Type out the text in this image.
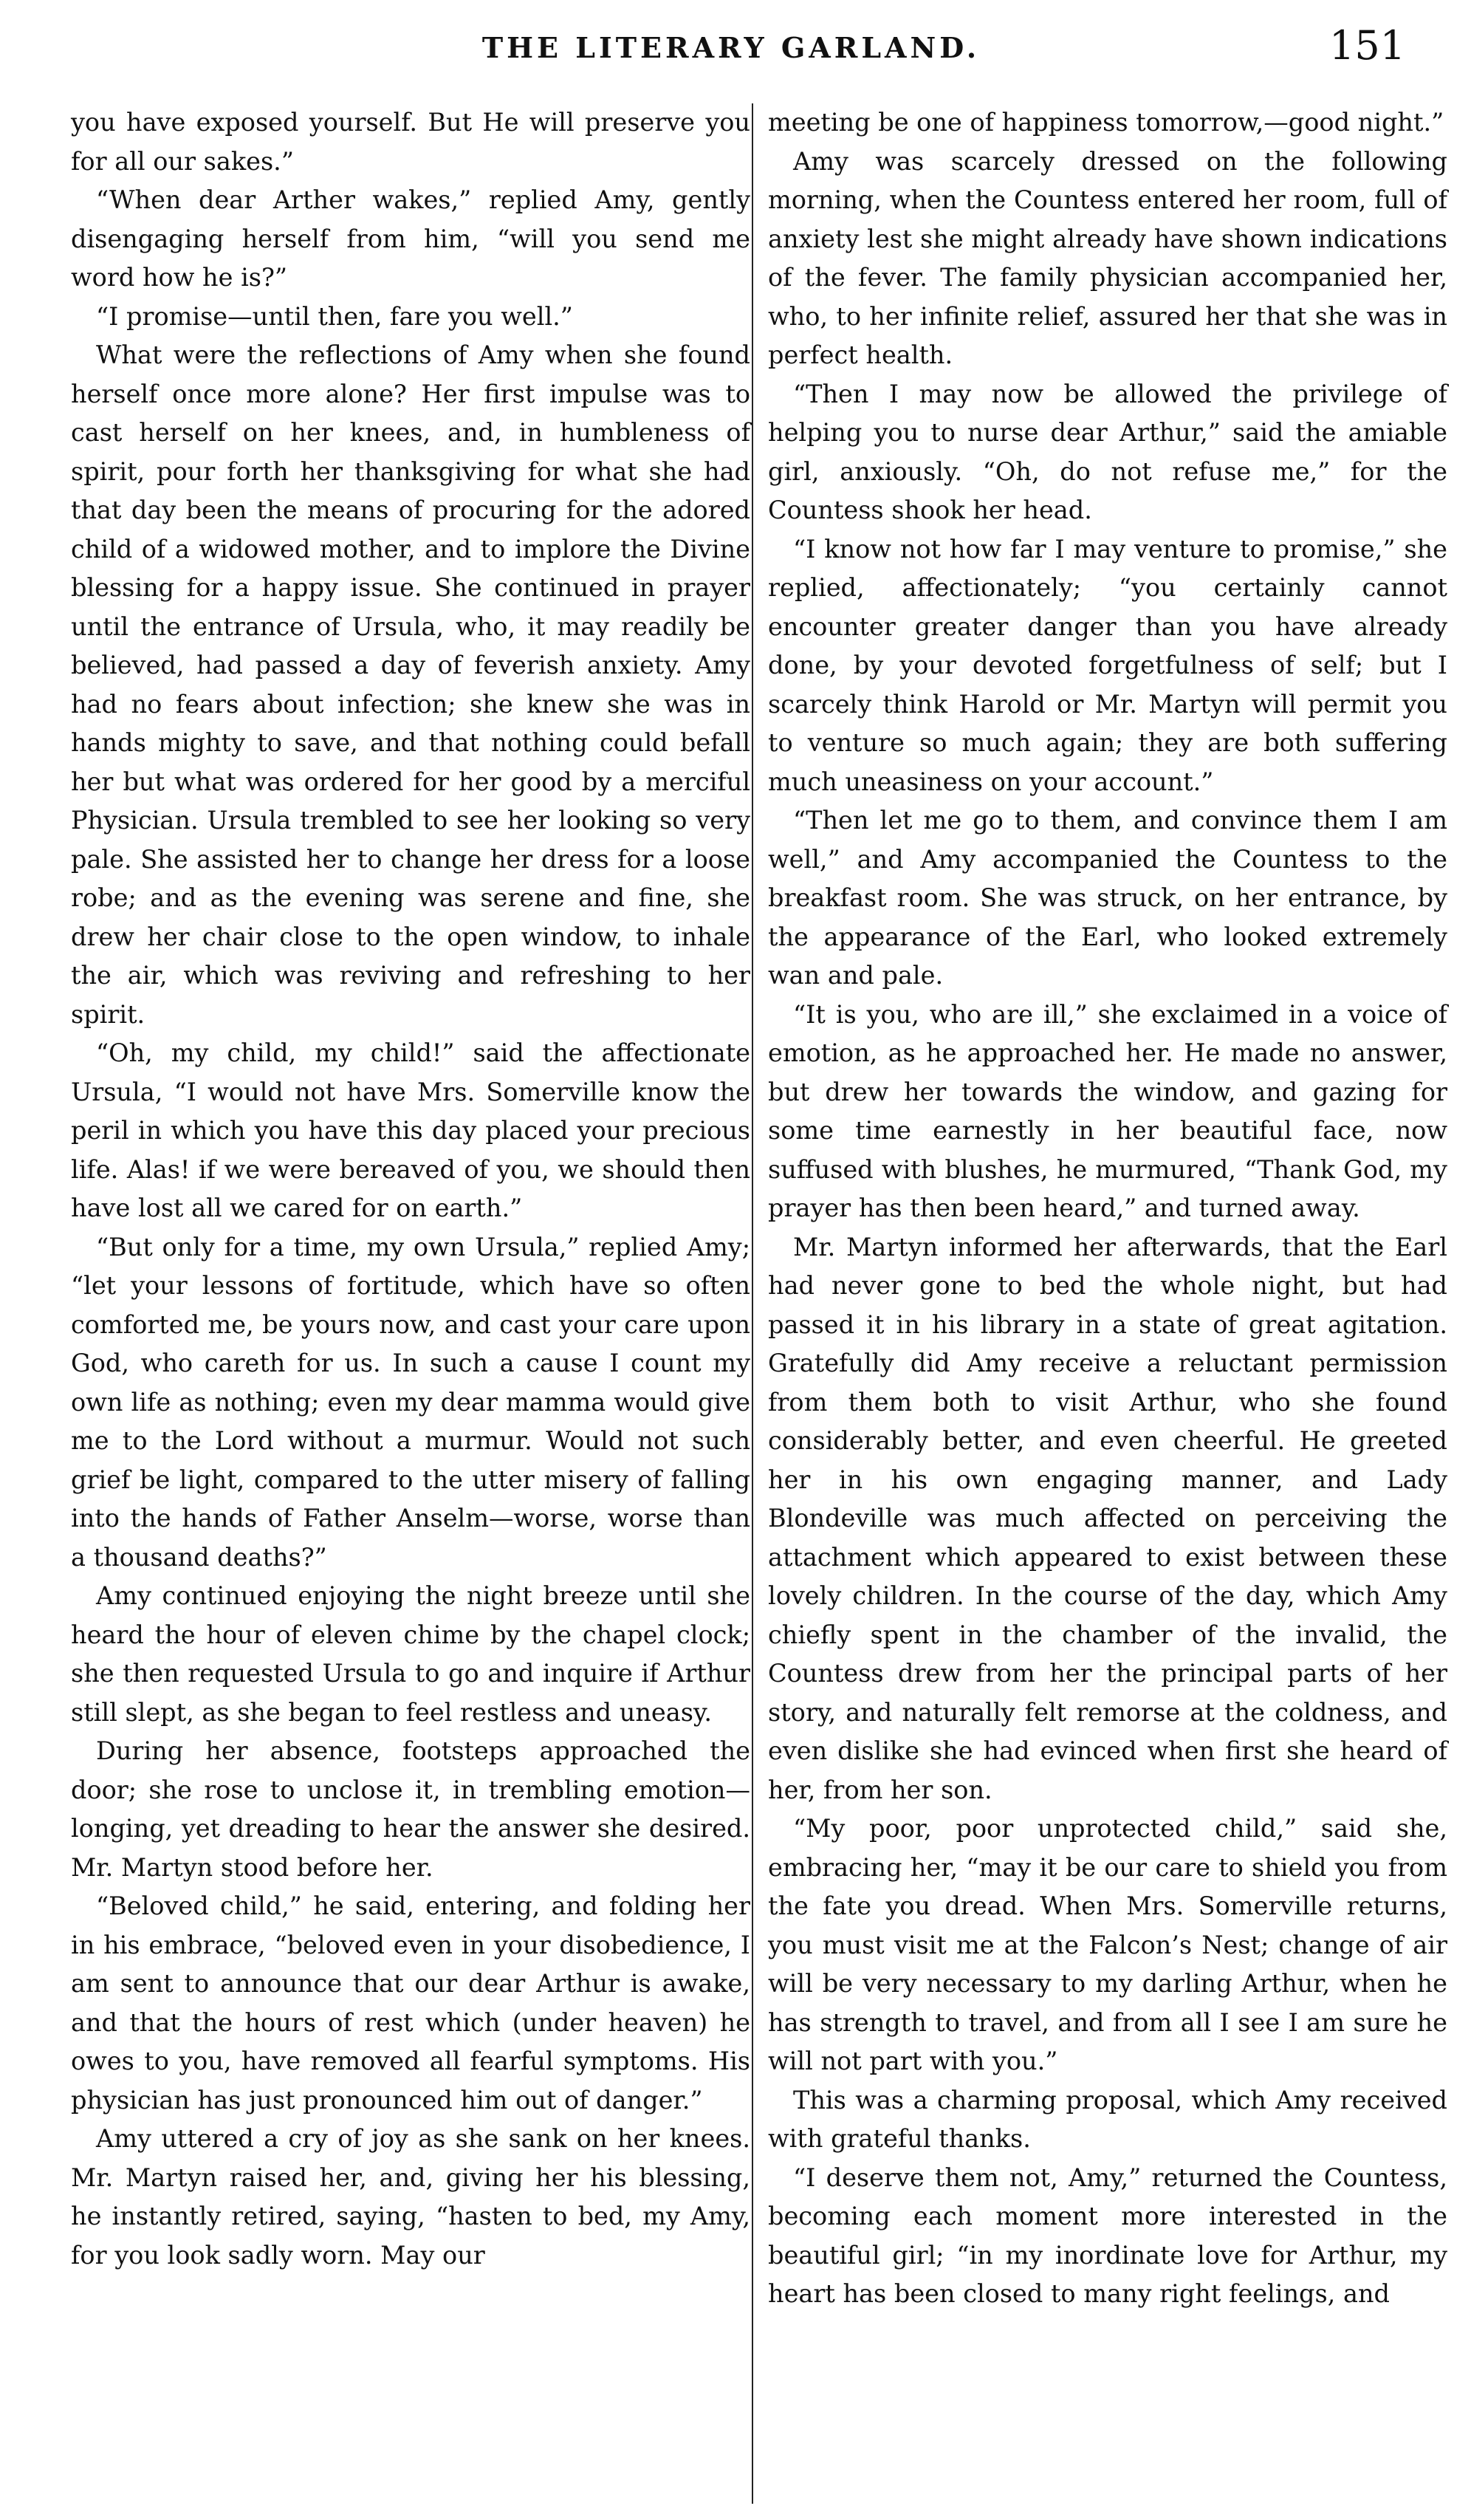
THE LITERARY GARLAND.	151

you have exposed yourself. But He will preserve you for all our sakes.”

“When dear Arther wakes,” replied Amy, gently disengaging herself from him, “will you send me word how he is?”

“I promise—until then, fare you well.”

What were the reflections of Amy when she found herself once more alone? Her first impulse was to cast herself on her knees, and, in humbleness of spirit, pour forth her thanksgiving for what she had that day been the means of procuring for the adored child of a widowed mother, and to implore the Divine blessing for a happy issue. She continued in prayer until the entrance of Ursula, who, it may readily be believed, had passed a day of feverish anxiety. Amy had no fears about infection; she knew she was in hands mighty to save, and that nothing could befall her but what was ordered for her good by a merciful Physician. Ursula trembled to see her looking so very pale. She assisted her to change her dress for a loose robe; and as the evening was serene and fine, she drew her chair close to the open window, to inhale the air, which was reviving and refreshing to her spirit.

“Oh, my child, my child!” said the affectionate Ursula, “I would not have Mrs. Somerville know the peril in which you have this day placed your precious life. Alas! if we were bereaved of you, we should then have lost all we cared for on earth.”

“But only for a time, my own Ursula,” replied Amy; “let your lessons of fortitude, which have so often comforted me, be yours now, and cast your care upon God, who careth for us. In such a cause I count my own life as nothing; even my dear mamma would give me to the Lord without a murmur. Would not such grief be light, compared to the utter misery of falling into the hands of Father Anselm—worse, worse than a thousand deaths?”

Amy continued enjoying the night breeze until she heard the hour of eleven chime by the chapel clock; she then requested Ursula to go and inquire if Arthur still slept, as she began to feel restless and uneasy.

During her absence, footsteps approached the door; she rose to unclose it, in trembling emotion—longing, yet dreading to hear the answer she desired. Mr. Martyn stood before her.

“Beloved child,” he said, entering, and folding her in his embrace, “beloved even in your disobedience, I am sent to announce that our dear Arthur is awake, and that the hours of rest which (under heaven) he owes to you, have removed all fearful symptoms. His physician has just pronounced him out of danger.”

Amy uttered a cry of joy as she sank on her knees. Mr. Martyn raised her, and, giving her his blessing, he instantly retired, saying, “hasten to bed, my Amy, for you look sadly worn. May our

meeting be one of happiness tomorrow,—good night.”

Amy was scarcely dressed on the following morning, when the Countess entered her room, full of anxiety lest she might already have shown indications of the fever. The family physician accompanied her, who, to her infinite relief, assured her that she was in perfect health.

“Then I may now be allowed the privilege of helping you to nurse dear Arthur,” said the amiable girl, anxiously. “Oh, do not refuse me,” for the Countess shook her head.

“I know not how far I may venture to promise,” she replied, affectionately; “you certainly cannot encounter greater danger than you have already done, by your devoted forgetfulness of self; but I scarcely think Harold or Mr. Martyn will permit you to venture so much again; they are both suffering much uneasiness on your account.”

“Then let me go to them, and convince them I am well,” and Amy accompanied the Countess to the breakfast room. She was struck, on her entrance, by the appearance of the Earl, who looked extremely wan and pale.

“It is you, who are ill,” she exclaimed in a voice of emotion, as he approached her. He made no answer, but drew her towards the window, and gazing for some time earnestly in her beautiful face, now suffused with blushes, he murmured, “Thank God, my prayer has then been heard,” and turned away.

Mr. Martyn informed her afterwards, that the Earl had never gone to bed the whole night, but had passed it in his library in a state of great agitation. Gratefully did Amy receive a reluctant permission from them both to visit Arthur, who she found considerably better, and even cheerful. He greeted her in his own engaging manner, and Lady Blondeville was much affected on perceiving the attachment which appeared to exist between these lovely children. In the course of the day, which Amy chiefly spent in the chamber of the invalid, the Countess drew from her the principal parts of her story, and naturally felt remorse at the coldness, and even dislike she had evinced when first she heard of her, from her son.

“My poor, poor unprotected child,” said she, embracing her, “may it be our care to shield you from the fate you dread. When Mrs. Somerville returns, you must visit me at the Falcon’s Nest; change of air will be very necessary to my darling Arthur, when he has strength to travel, and from all I see I am sure he will not part with you.”

This was a charming proposal, which Amy received with grateful thanks.

“I deserve them not, Amy,” returned the Countess, becoming each moment more interested in the beautiful girl; “in my inordinate love for Arthur, my heart has been closed to many right feelings, and
